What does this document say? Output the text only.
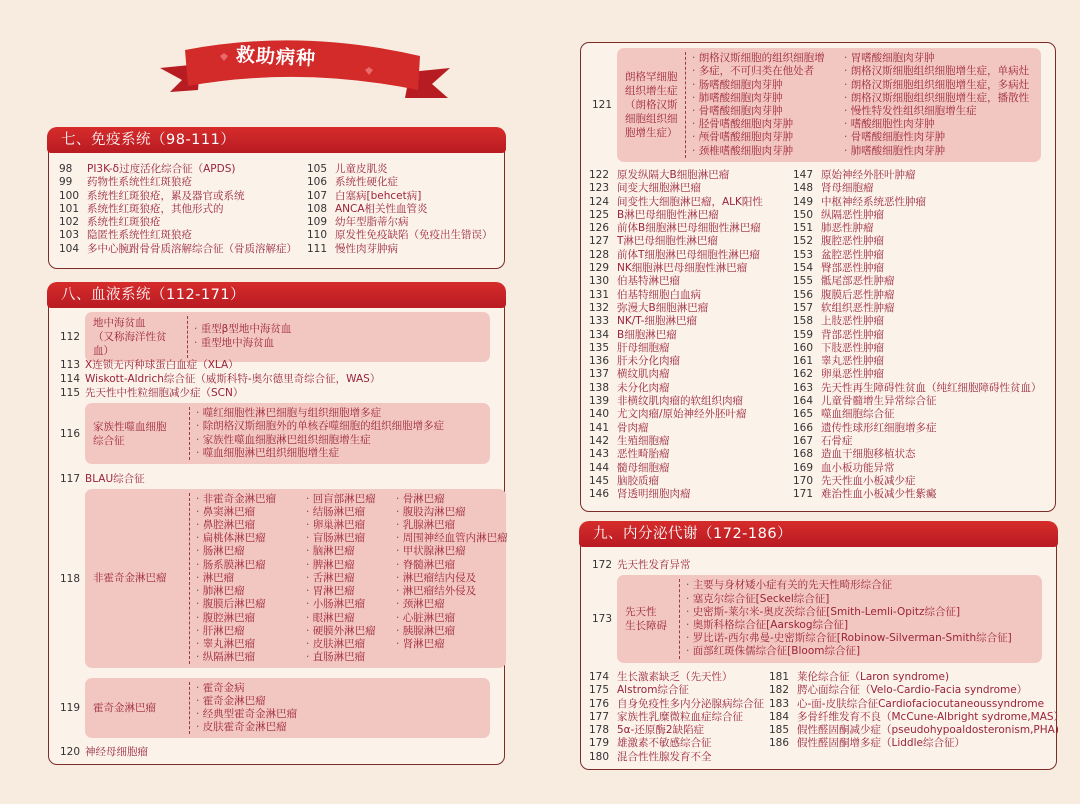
救助病种
七、免疫系统（98-111）
98 PI3K-δ过度活化综合征（APDS)
99 药物性系统性红斑狼疮
100 系统性红斑狼疮，累及器官或系统
101 系统性红斑狼疮，其他形式的
102 系统性红斑狼疮
103 隐匿性系统性红斑狼疮
104 多中心腕跗骨骨质溶解综合征（骨质溶解症）
105 儿童皮肌炎
106 系统性硬化症
107 白塞病[behcet病]
108 ANCA相关性血管炎
109 幼年型脂蒂尔病
110 原发性免疫缺陷（免疫出生错误）
111 慢性肉芽肿病
八、血液系统（112-171）
112
地中海贫血
（又称海洋性贫血）
· 重型β型地中海贫血
· 重型地中海贫血
113 X连锁无丙种球蛋白血症（XLA）
114 Wiskott-Aldrich综合征（威斯科特-奥尔德里奇综合征，WAS）
115 先天性中性粒细胞减少症（SCN）
116
家族性噬血细胞
综合征
· 噬红细胞性淋巴细胞与组织细胞增多症
· 除朗格汉斯细胞外的单核吞噬细胞的组织细胞增多症
· 家族性噬血细胞淋巴组织细胞增生症
· 噬血细胞淋巴组织细胞增生症
117 BLAU综合征
118	非霍奇金淋巴瘤
· 非霍奇金淋巴瘤
· 鼻窦淋巴瘤
· 鼻腔淋巴瘤
· 扁桃体淋巴瘤
· 肠淋巴瘤
· 肠系膜淋巴瘤
· 淋巴瘤
· 肺淋巴瘤
· 腹膜后淋巴瘤
· 腹腔淋巴瘤
· 肝淋巴瘤
· 睾丸淋巴瘤
· 纵隔淋巴瘤
· 回盲部淋巴瘤
· 结肠淋巴瘤
· 卵巢淋巴瘤
· 盲肠淋巴瘤
· 脑淋巴瘤
· 脾淋巴瘤
· 舌淋巴瘤
· 胃淋巴瘤
· 小肠淋巴瘤
· 眼淋巴瘤
· 硬膜外淋巴瘤
· 皮肤淋巴瘤
· 直肠淋巴瘤
· 骨淋巴瘤
· 腹股沟淋巴瘤
· 乳腺淋巴瘤
· 周围神经血管内淋巴瘤
· 甲状腺淋巴瘤
· 脊髓淋巴瘤
· 淋巴瘤结内侵及
· 淋巴瘤结外侵及
· 颈淋巴瘤
· 心脏淋巴瘤
· 胰腺淋巴瘤
· 肾淋巴瘤
119	霍奇金淋巴瘤
· 霍奇金病
· 霍奇金淋巴瘤
· 经典型霍奇金淋巴瘤
· 皮肤霍奇金淋巴瘤
120 神经母细胞瘤
121
朗格罕细胞
组织增生症
（朗格汉斯
细胞组织细
胞增生症）
· 朗格汉斯细胞的组织细胞增
· 多症，不可归类在他处者
· 肠嗜酸细胞肉芽肿
· 肺嗜酸细胞肉芽肿
· 骨嗜酸细胞肉芽肿
· 胫骨嗜酸细胞肉芽肿
· 颅骨嗜酸细胞肉芽肿
· 颈椎嗜酸细胞肉芽肿
· 胃嗜酸细胞肉芽肿
· 朗格汉斯细胞组织细胞增生症，单病灶
· 朗格汉斯细胞组织细胞增生症，多病灶
· 朗格汉斯细胞组织细胞增生症，播散性
· 慢性特发性组织细胞增生症
· 嗜酸细胞性肉芽肿
· 骨嗜酸细胞性肉芽肿
· 肺嗜酸细胞性肉芽肿
122 原发纵隔大B细胞淋巴瘤
123 间变大细胞淋巴瘤
124 间变性大细胞淋巴瘤，ALK阳性
125 B淋巴母细胞性淋巴瘤
126 前体B细胞淋巴母细胞性淋巴瘤
127 T淋巴母细胞性淋巴瘤
128 前体T细胞淋巴母细胞性淋巴瘤
129 NK细胞淋巴母细胞性淋巴瘤
130 伯基特淋巴瘤
131 伯基特细胞白血病
132 弥漫大B细胞淋巴瘤
133 NK/T-细胞淋巴瘤
134 B细胞淋巴瘤
135 肝母细胞瘤
136 肝未分化肉瘤
137 横纹肌肉瘤
138 未分化肉瘤
139 非横纹肌肉瘤的软组织肉瘤
140 尤文肉瘤/原始神经外胚叶瘤
141 骨肉瘤
142 生殖细胞瘤
143 恶性畸胎瘤
144 髓母细胞瘤
145 脑胶质瘤
146 肾透明细胞肉瘤
147 原始神经外胚叶肿瘤
148 肾母细胞瘤
149 中枢神经系统恶性肿瘤
150 纵隔恶性肿瘤
151 肺恶性肿瘤
152 腹腔恶性肿瘤
153 盆腔恶性肿瘤
154 臀部恶性肿瘤
155 骶尾部恶性肿瘤
156 腹膜后恶性肿瘤
157 软组织恶性肿瘤
158 上肢恶性肿瘤
159 背部恶性肿瘤
160 下肢恶性肿瘤
161 睾丸恶性肿瘤
162 卵巢恶性肿瘤
163 先天性再生障碍性贫血（纯红细胞障碍性贫血）
164 儿童骨髓增生异常综合征
165 噬血细胞综合征
166 遗传性球形红细胞增多症
167 石骨症
168 造血干细胞移植状态
169 血小板功能异常
170 先天性血小板减少症
171 难治性血小板减少性紫癜
九、内分泌代谢（172-186）
172 先天性发育异常
173
先天性
生长障碍
· 主要与身材矮小症有关的先天性畸形综合征
· 塞克尔综合征[Seckel综合征]
· 史密斯-莱尔米-奥皮茨综合征[Smith-Lemli-Opitz综合征]
· 奥斯科格综合征[Aarskog综合征]
· 罗比诺-西尔弗曼-史密斯综合征[Robinow-Silverman-Smith综合征]
· 面部红斑侏儒综合征[Bloom综合征]
174 生长激素缺乏（先天性）
175 Alstrom综合征
176 自身免疫性多内分泌腺病综合征
177 家族性乳糜微粒血症综合征
178 5α-还原酶2缺陷症
179 雄激素不敏感综合征
180 混合性性腺发育不全
181 莱伦综合征（Laron syndrome)
182 腭心面综合征（Velo-Cardio-Facia syndrome）
183 心-面-皮肤综合征Cardiofaciocutaneoussyndrome
184 多骨纤维发育不良（McCune-Albright sydrome,MAS）
185 假性醛固酮减少症（pseudohypoaldosteronism,PHA)
186 假性醛固酮增多症（Liddle综合征）
